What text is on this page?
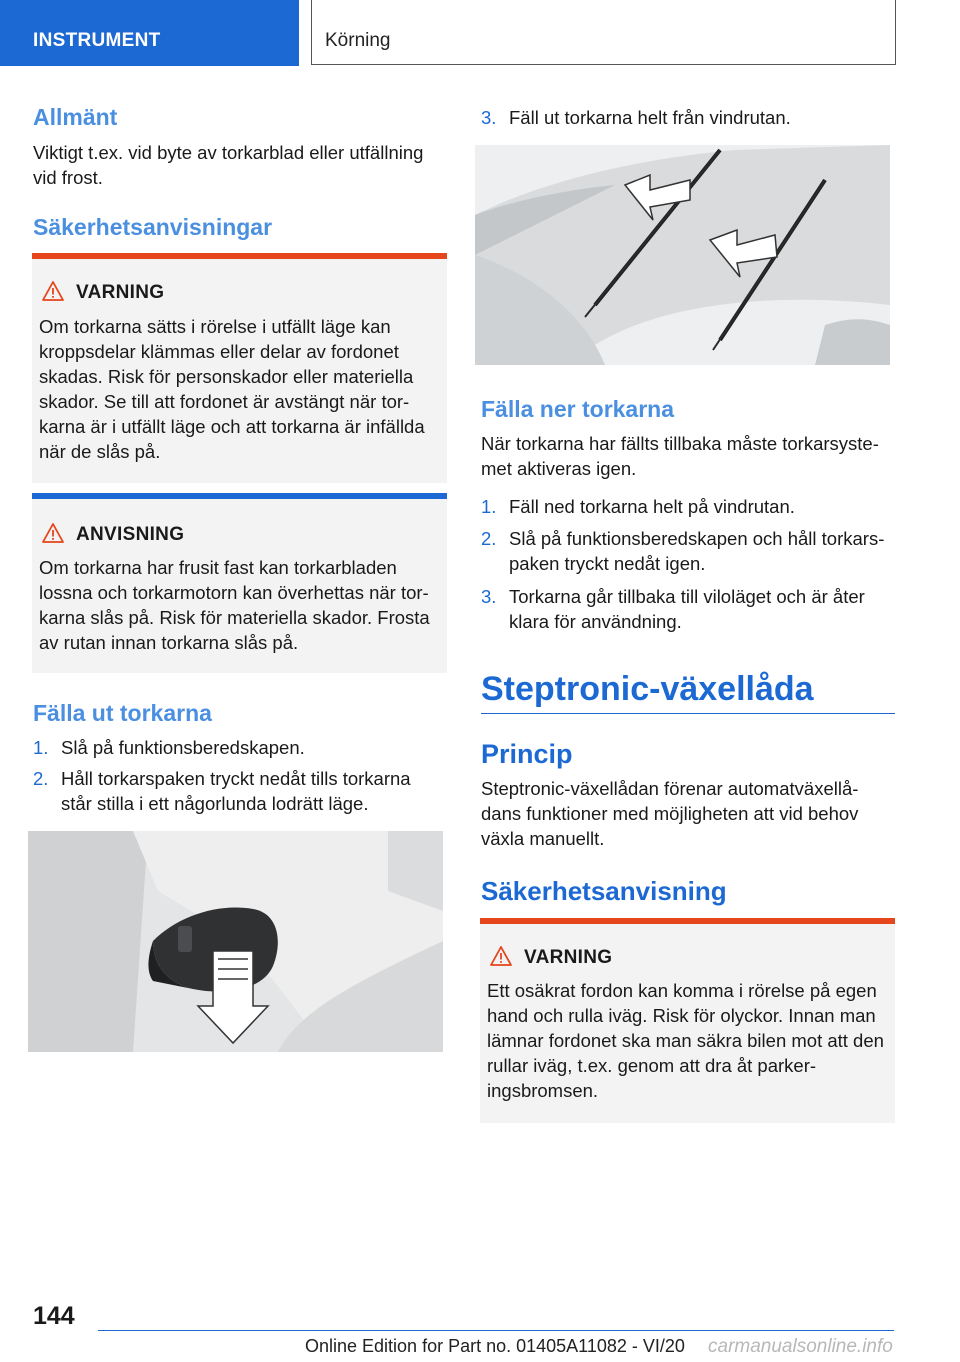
INSTRUMENT	Körning
Allmänt

Viktigt t.ex. vid byte av torkarblad eller utfällning vid frost.

Säkerhetsanvisningar
VARNING
Om torkarna sätts i rörelse i utfällt läge kan kroppsdelar klämmas eller delar av fordonet skadas. Risk för personskador eller materiella skador. Se till att fordonet är avstängt när tor- karna är i utfällt läge och att torkarna är infällda när de slås på.
ANVISNING
Om torkarna har frusit fast kan torkarbladen lossna och torkarmotorn kan överhettas när tor- karna slås på. Risk för materiella skador. Frosta av rutan innan torkarna slås på.
Fälla ut torkarna
1. Slå på funktionsberedskapen.
2. Håll torkarspaken tryckt nedåt tills torkarna står stilla i ett någorlunda lodrätt läge.
3. Fäll ut torkarna helt från vindrutan.
Fälla ner torkarna

När torkarna har fällts tillbaka måste torkarsyste- met aktiveras igen.

1. Fäll ned torkarna helt på vindrutan.
2. Slå på funktionsberedskapen och håll torkars- paken tryckt nedåt igen.
3. Torkarna går tillbaka till viloläget och är åter klara för användning.
Steptronic-växellåda
Princip

Steptronic-växellådan förenar automatväxellå- dans funktioner med möjligheten att vid behov växla manuellt.

Säkerhetsanvisning
VARNING
Ett osäkrat fordon kan komma i rörelse på egen hand och rulla iväg. Risk för olyckor. Innan man lämnar fordonet ska man säkra bilen mot att den rullar iväg, t.ex. genom att dra åt parker- ingsbromsen.
144
Online Edition for Part no. 01405A11082 - VI/20 carmanualsonline.info
